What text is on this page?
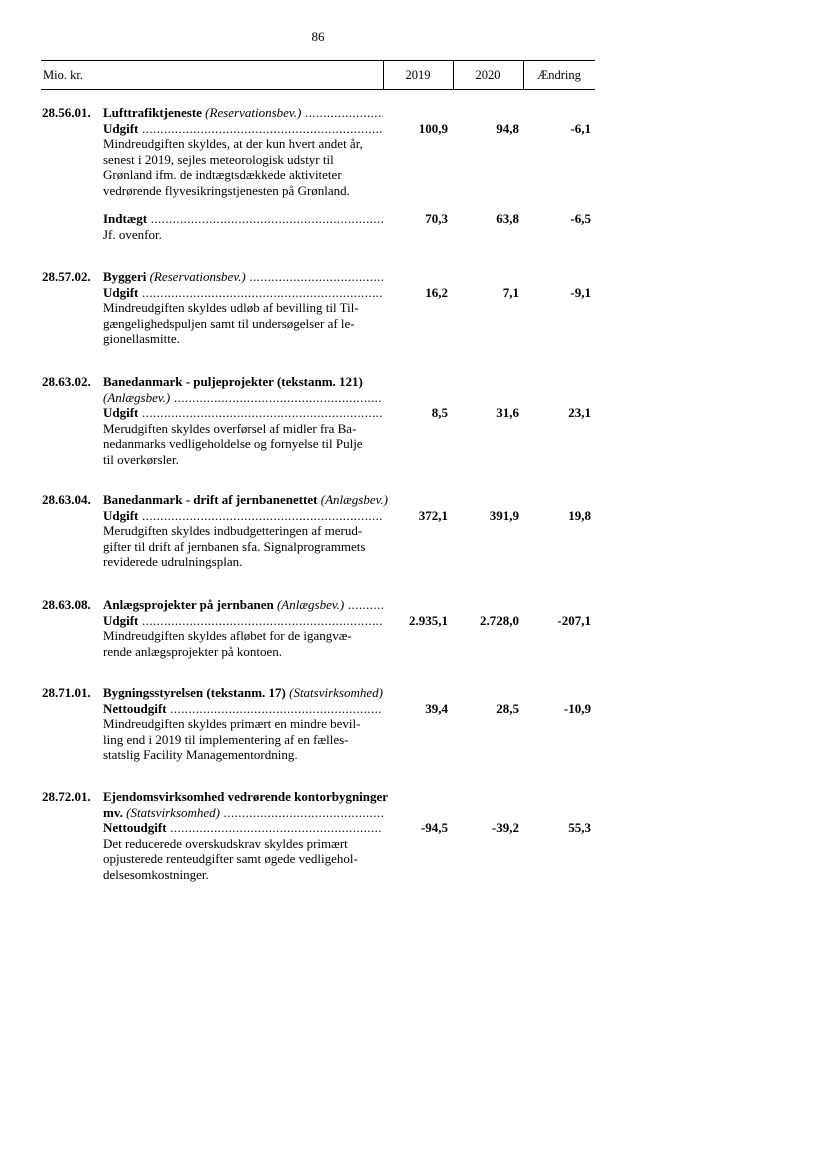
86
Mio. kr.	2019	2020	Ændring
28.56.01. Lufttrafiktjeneste (Reservationsbev.) .....
Udgift .....	100,9	94,8	-6,1

Mindreudgiften skyldes, at der kun hvert andet år,

senest i 2019, sejles meteorologisk udstyr til

Grønland ifm. de indtægtsdækkede aktiviteter

vedrørende flyvesikringstjenesten på Grønland.

Indtægt .....	70,3	63,8	-6,5

Jf. ovenfor.

28.57.02. Byggeri (Reservationsbev.) .....
Udgift .....	16,2	7,1	-9,1

Mindreudgiften skyldes udløb af bevilling til Til-

gængelighedspuljen samt til undersøgelser af le-

gionellasmitte.

28.63.02. Banedanmark - puljeprojekter (tekstanm. 121)
(Anlægsbev.) .....
Udgift .....	8,5	31,6	23,1

Merudgiften skyldes overførsel af midler fra Ba-

nedanmarks vedligeholdelse og fornyelse til Pulje

til overkørsler.

28.63.04. Banedanmark - drift af jernbanenettet (Anlægsbev.)
Udgift .....	372,1	391,9	19,8

Merudgiften skyldes indbudgetteringen af merud-

gifter til drift af jernbanen sfa. Signalprogrammets

reviderede udrulningsplan.

28.63.08. Anlægsprojekter på jernbanen (Anlægsbev.) .....
Udgift .....	2.935,1	2.728,0	-207,1

Mindreudgiften skyldes afløbet for de igangvæ-

rende anlægsprojekter på kontoen.

28.71.01. Bygningsstyrelsen (tekstanm. 17) (Statsvirksomhed)
Nettoudgift .....	39,4	28,5	-10,9

Mindreudgiften skyldes primært en mindre bevil-

ling end i 2019 til implementering af en fælles-

statslig Facility Managementordning.

28.72.01. Ejendomsvirksomhed vedrørende kontorbygninger
mv. (Statsvirksomhed) .....
Nettoudgift .....	-94,5	-39,2	55,3

Det reducerede overskudskrav skyldes primært

opjusterede renteudgifter samt øgede vedligehol-

delsesomkostninger.
